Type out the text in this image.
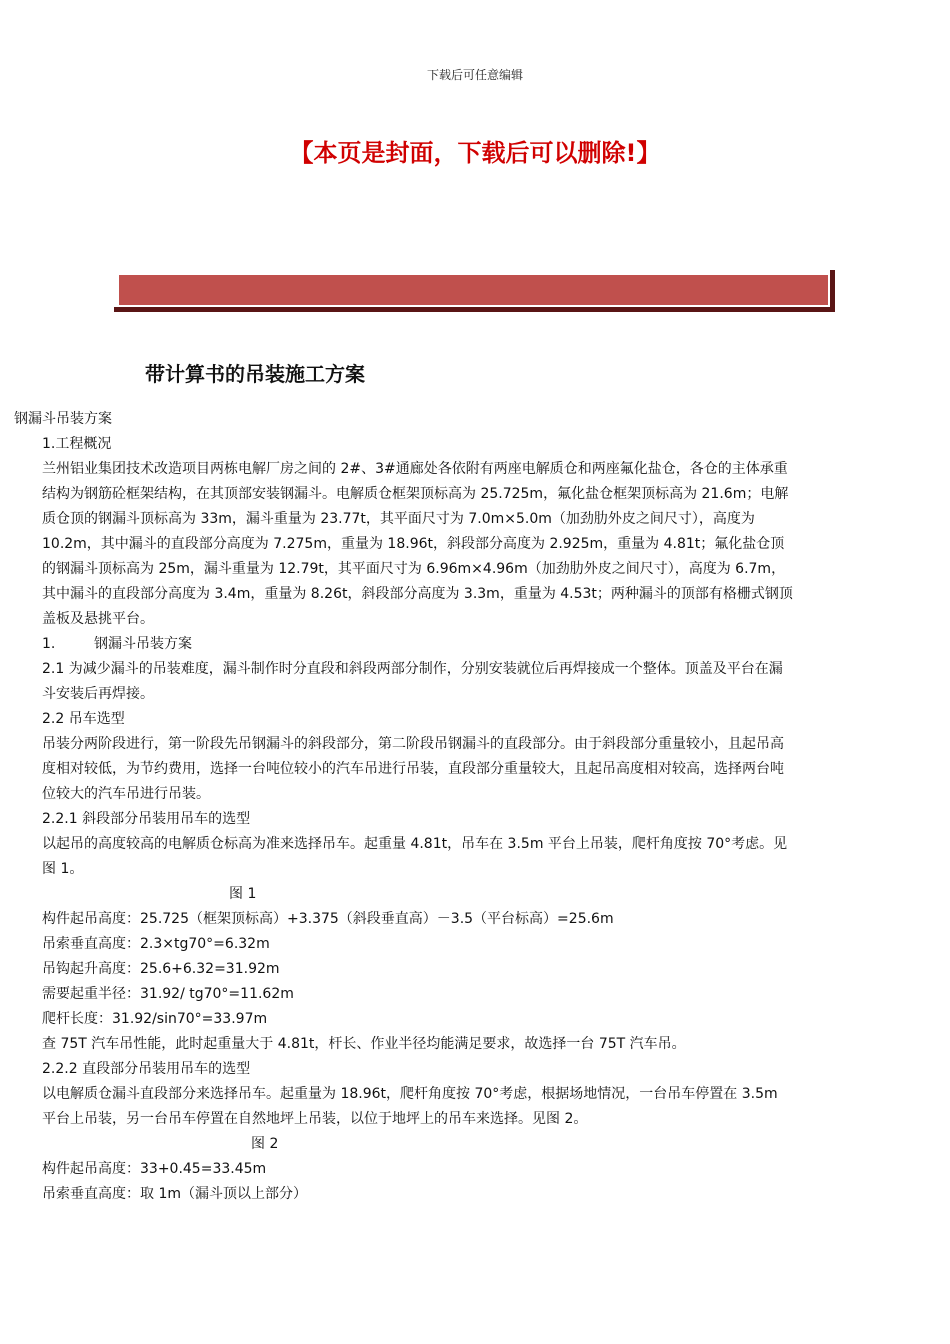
下载后可任意编辑
【本页是封面，下载后可以删除!】
带计算书的吊装施工方案
钢漏斗吊装方案
1.工程概况
兰州铝业集团技术改造项目两栋电解厂房之间的 2#、3#通廊处各依附有两座电解质仓和两座氟化盐仓，各仓的主体承重
结构为钢筋砼框架结构，在其顶部安装钢漏斗。电解质仓框架顶标高为 25.725m，氟化盐仓框架顶标高为 21.6m；电解
质仓顶的钢漏斗顶标高为 33m，漏斗重量为 23.77t，其平面尺寸为 7.0m×5.0m（加劲肋外皮之间尺寸），高度为
10.2m，其中漏斗的直段部分高度为 7.275m，重量为 18.96t，斜段部分高度为 2.925m，重量为 4.81t；氟化盐仓顶
的钢漏斗顶标高为 25m，漏斗重量为 12.79t，其平面尺寸为 6.96m×4.96m（加劲肋外皮之间尺寸），高度为 6.7m，
其中漏斗的直段部分高度为 3.4m，重量为 8.26t，斜段部分高度为 3.3m，重量为 4.53t；两种漏斗的顶部有格栅式钢顶
盖板及悬挑平台。
1.	钢漏斗吊装方案
2.1 为减少漏斗的吊装难度，漏斗制作时分直段和斜段两部分制作，分别安装就位后再焊接成一个整体。顶盖及平台在漏
斗安装后再焊接。
2.2 吊车选型
吊装分两阶段进行，第一阶段先吊钢漏斗的斜段部分，第二阶段吊钢漏斗的直段部分。由于斜段部分重量较小，且起吊高
度相对较低，为节约费用，选择一台吨位较小的汽车吊进行吊装，直段部分重量较大，且起吊高度相对较高，选择两台吨
位较大的汽车吊进行吊装。
2.2.1 斜段部分吊装用吊车的选型
以起吊的高度较高的电解质仓标高为准来选择吊车。起重量 4.81t，吊车在 3.5m 平台上吊装，爬杆角度按 70°考虑。见
图 1。
图 1
构件起吊高度：25.725（框架顶标高）+3.375（斜段垂直高）－3.5（平台标高）=25.6m
吊索垂直高度：2.3×tg70°=6.32m
吊钩起升高度：25.6+6.32=31.92m
需要起重半径：31.92/ tg70°=11.62m
爬杆长度：31.92/sin70°=33.97m
查 75T 汽车吊性能，此时起重量大于 4.81t，杆长、作业半径均能满足要求，故选择一台 75T 汽车吊。
2.2.2 直段部分吊装用吊车的选型
以电解质仓漏斗直段部分来选择吊车。起重量为 18.96t，爬杆角度按 70°考虑，根据场地情况，一台吊车停置在 3.5m
平台上吊装，另一台吊车停置在自然地坪上吊装，以位于地坪上的吊车来选择。见图 2。
图 2
构件起吊高度：33+0.45=33.45m
吊索垂直高度：取 1m（漏斗顶以上部分）
